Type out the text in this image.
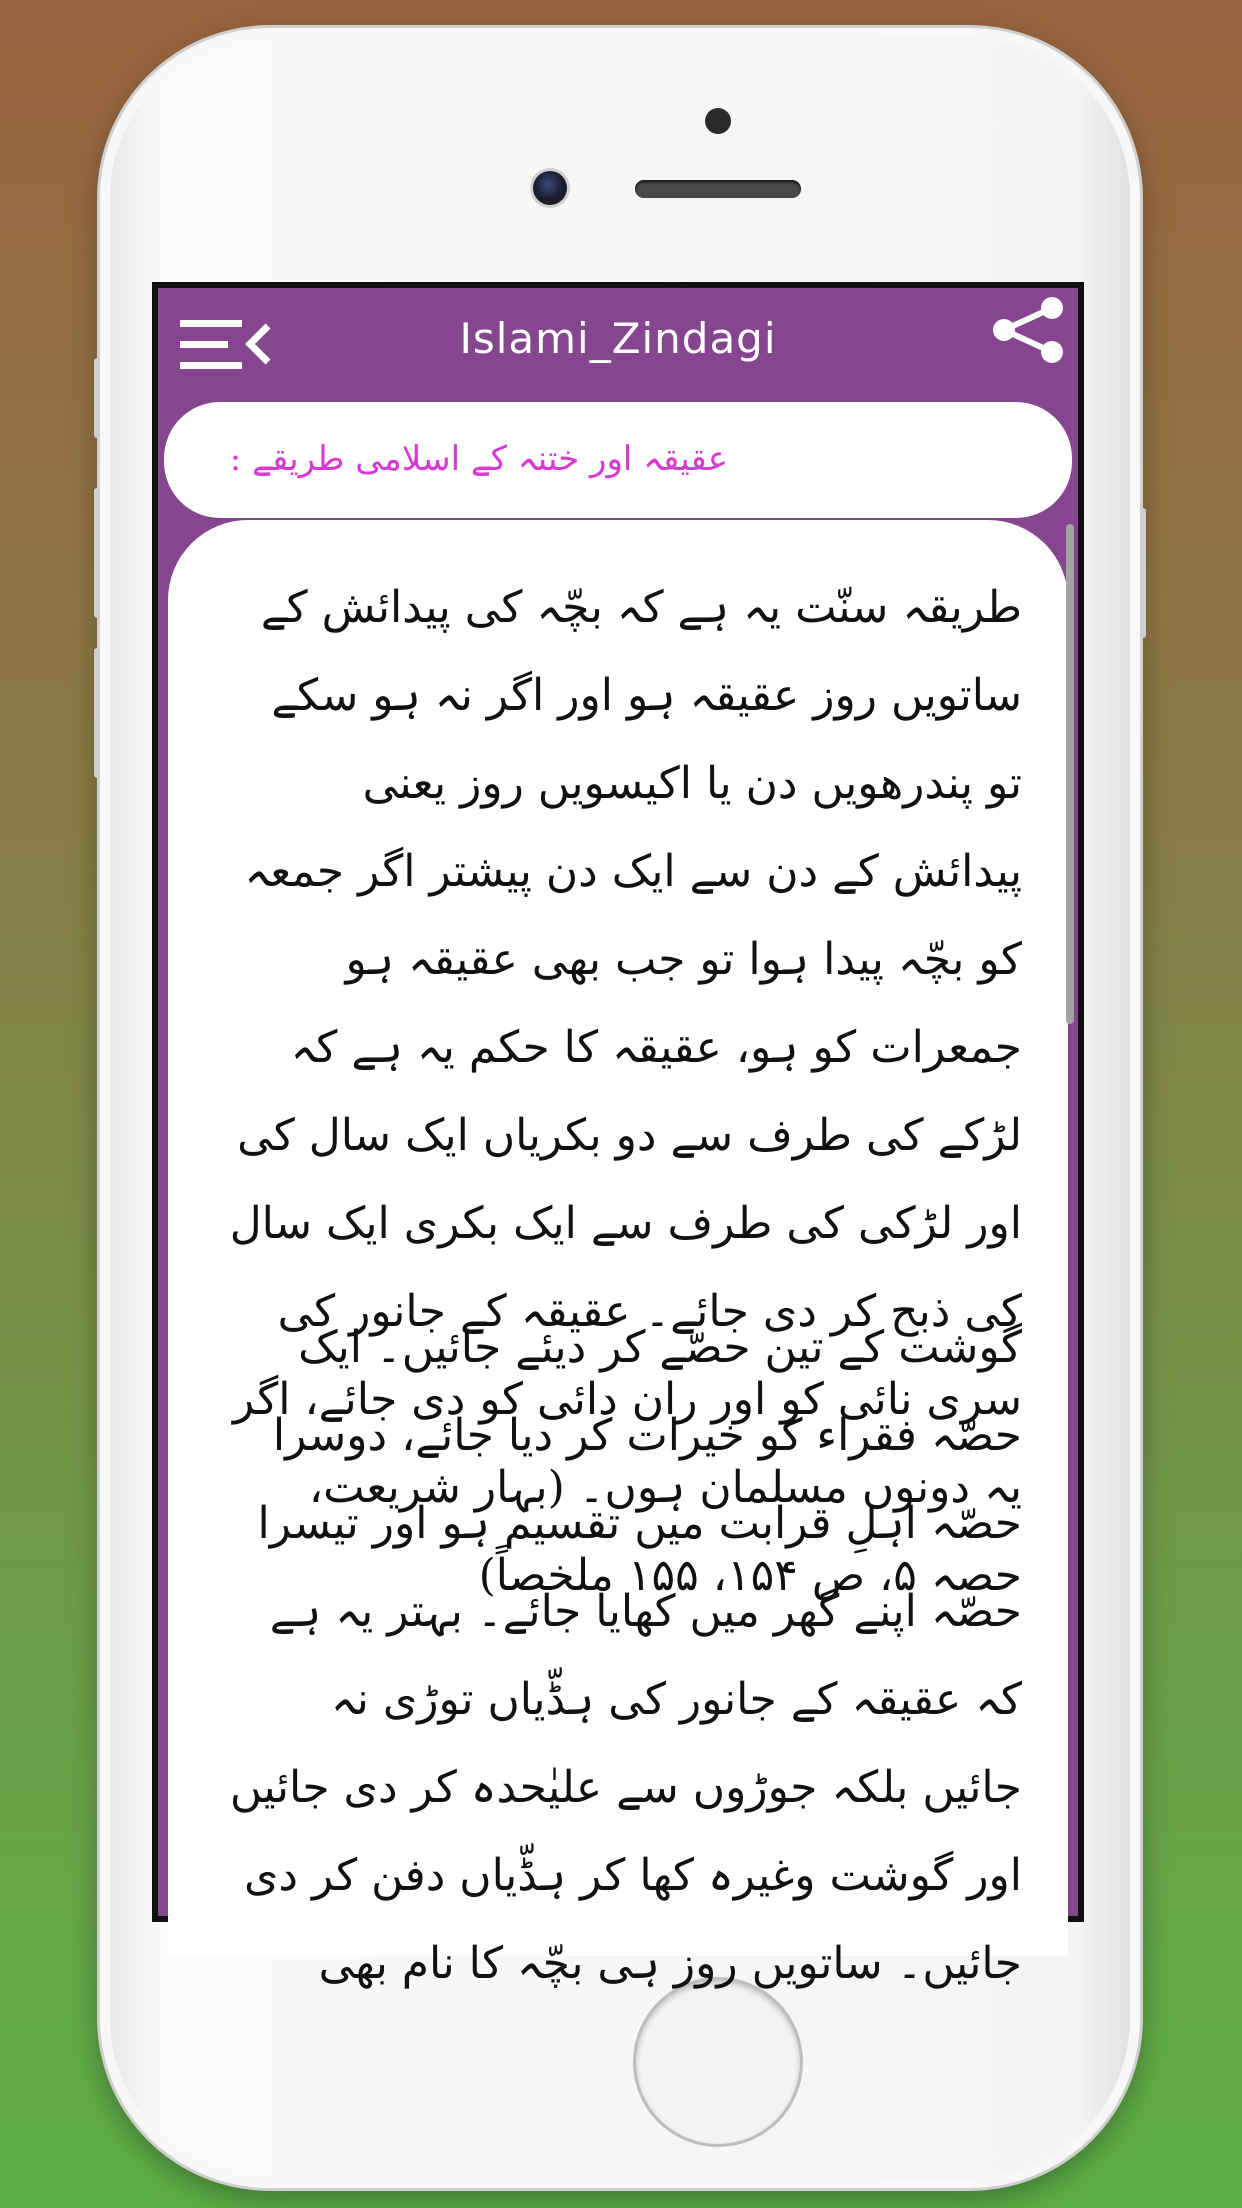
Islami_Zindagi
عقیقہ اور ختنہ کے اسلامی طریقے :
طریقہ سنّت یہ ہے کہ بچّہ کی پیدائش کے ساتویں روز عقیقہ ہو اور اگر نہ ہو سکے تو پندرھویں دن یا اکیسویں روز یعنی پیدائش کے دن سے ایک دن پیشتر اگر جمعہ کو بچّہ پیدا ہوا تو جب بھی عقیقہ ہو جمعرات کو ہو، عقیقہ کا حکم یہ ہے کہ لڑکے کی طرف سے دو بکریاں ایک سال کی اور لڑکی کی طرف سے ایک بکری ایک سال کی ذبح کر دی جائے۔ عقیقہ کے جانور کی سری نائی کو اور ران دائی کو دی جائے، اگر یہ دونوں مسلمان ہوں۔ (بہار شریعت، حصہ ۵، ص ۱۵۴، ۱۵۵ ملخصاً)
گوشت کے تین حصّے کر دیئے جائیں۔ ایک حصّہ فقراء کو خیرات کر دیا جائے، دوسرا حصّہ اہلِ قرابت میں تقسیم ہو اور تیسرا حصّہ اپنے گھر میں کھایا جائے۔ بہتر یہ ہے کہ عقیقہ کے جانور کی ہڈّیاں توڑی نہ جائیں بلکہ جوڑوں سے علیٰحدہ کر دی جائیں اور گوشت وغیرہ کھا کر ہڈّیاں دفن کر دی جائیں۔ ساتویں روز ہی بچّہ کا نام بھی
